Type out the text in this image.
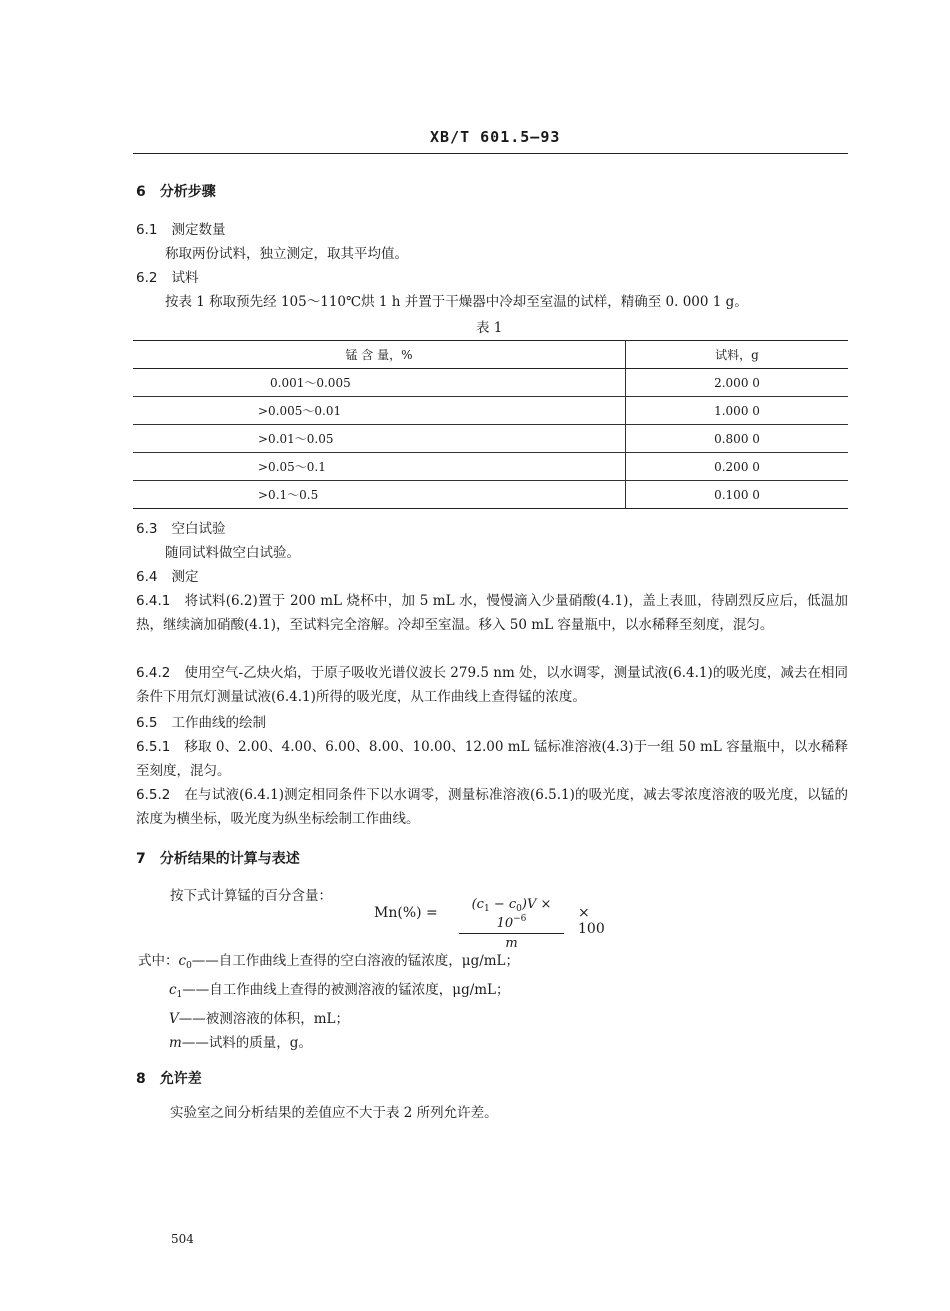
XB/T 601.5—93
6 分析步骤
6.1 测定数量
称取两份试料，独立测定，取其平均值。
6.2 试料
按表 1 称取预先经 105～110℃烘 1 h 并置于干燥器中冷却至室温的试样，精确至 0. 000 1 g。
表 1
锰 含 量，%	试料，g
0.001～0.005	2.000 0
>0.005～0.01	1.000 0
>0.01～0.05	0.800 0
>0.05～0.1	0.200 0
>0.1～0.5	0.100 0
6.3 空白试验
随同试料做空白试验。
6.4 测定
6.4.1 将试料(6.2)置于 200 mL 烧杯中，加 5 mL 水，慢慢滴入少量硝酸(4.1)，盖上表皿，待剧烈反应后，低温加热，继续滴加硝酸(4.1)，至试料完全溶解。冷却至室温。移入 50 mL 容量瓶中，以水稀释至刻度，混匀。
6.4.2 使用空气-乙炔火焰，于原子吸收光谱仪波长 279.5 nm 处，以水调零，测量试液(6.4.1)的吸光度，减去在相同条件下用氘灯测量试液(6.4.1)所得的吸光度，从工作曲线上查得锰的浓度。
6.5 工作曲线的绘制
6.5.1 移取 0、2.00、4.00、6.00、8.00、10.00、12.00 mL 锰标准溶液(4.3)于一组 50 mL 容量瓶中，以水稀释至刻度，混匀。
6.5.2 在与试液(6.4.1)测定相同条件下以水调零，测量标准溶液(6.5.1)的吸光度，减去零浓度溶液的吸光度，以锰的浓度为横坐标，吸光度为纵坐标绘制工作曲线。
7 分析结果的计算与表述
按下式计算锰的百分含量：
Mn(%) =
$(c_1 - c_0)V \times 10^{-6}$
m
× 100
式中：$c_0——$自工作曲线上查得的空白溶液的锰浓度，μg/mL；
$c_1——$自工作曲线上查得的被测溶液的锰浓度，μg/mL；
V——被测溶液的体积，mL；
m——试料的质量，g。
8 允许差
实验室之间分析结果的差值应不大于表 2 所列允许差。
504
